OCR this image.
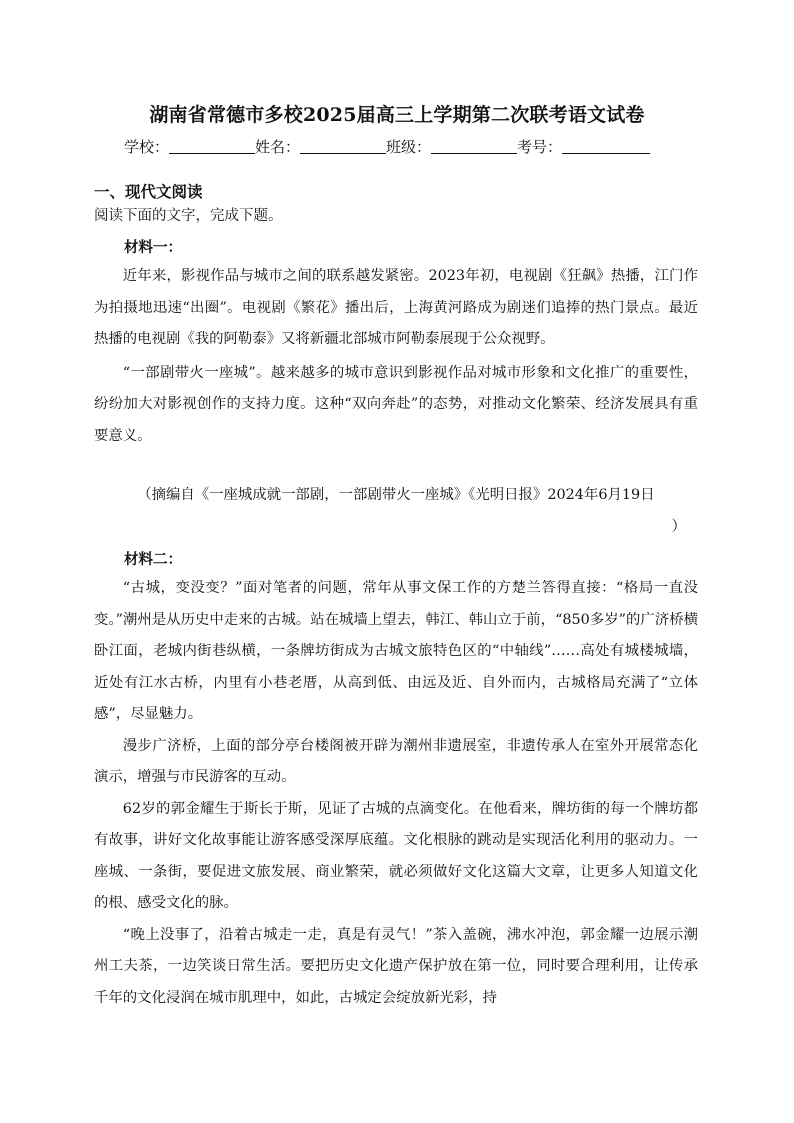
湖南省常德市多校2025届高三上学期第二次联考语文试卷
学校：	姓名：	班级：	考号：
一、现代文阅读
阅读下面的文字，完成下题。
材料一：

近年来，影视作品与城市之间的联系越发紧密。2023年初，电视剧《狂飙》热播，江门作为拍摄地迅速“出圈”。电视剧《繁花》播出后，上海黄河路成为剧迷们追捧的热门景点。最近热播的电视剧《我的阿勒泰》又将新疆北部城市阿勒泰展现于公众视野。

“一部剧带火一座城”。越来越多的城市意识到影视作品对城市形象和文化推广的重要性，纷纷加大对影视创作的支持力度。这种“双向奔赴”的态势，对推动文化繁荣、经济发展具有重要意义。

（摘编自《一座城成就一部剧，一部剧带火一座城》《光明日报》2024年6月19日
）
材料二：

“古城，变没变？”面对笔者的问题，常年从事文保工作的方楚兰答得直接：“格局一直没变。”潮州是从历史中走来的古城。站在城墙上望去，韩江、韩山立于前，“850多岁”的广济桥横卧江面，老城内街巷纵横，一条牌坊街成为古城文旅特色区的“中轴线”……高处有城楼城墙，近处有江水古桥，内里有小巷老厝，从高到低、由远及近、自外而内，古城格局充满了“立体感”，尽显魅力。

漫步广济桥，上面的部分亭台楼阁被开辟为潮州非遗展室，非遗传承人在室外开展常态化演示，增强与市民游客的互动。

62岁的郭金耀生于斯长于斯，见证了古城的点滴变化。在他看来，牌坊街的每一个牌坊都有故事，讲好文化故事能让游客感受深厚底蕴。文化根脉的跳动是实现活化利用的驱动力。一座城、一条街，要促进文旅发展、商业繁荣，就必须做好文化这篇大文章，让更多人知道文化的根、感受文化的脉。

“晚上没事了，沿着古城走一走，真是有灵气！”茶入盖碗，沸水冲泡，郭金耀一边展示潮州工夫茶，一边笑谈日常生活。要把历史文化遗产保护放在第一位，同时要合理利用，让传承千年的文化浸润在城市肌理中，如此，古城定会绽放新光彩，持
